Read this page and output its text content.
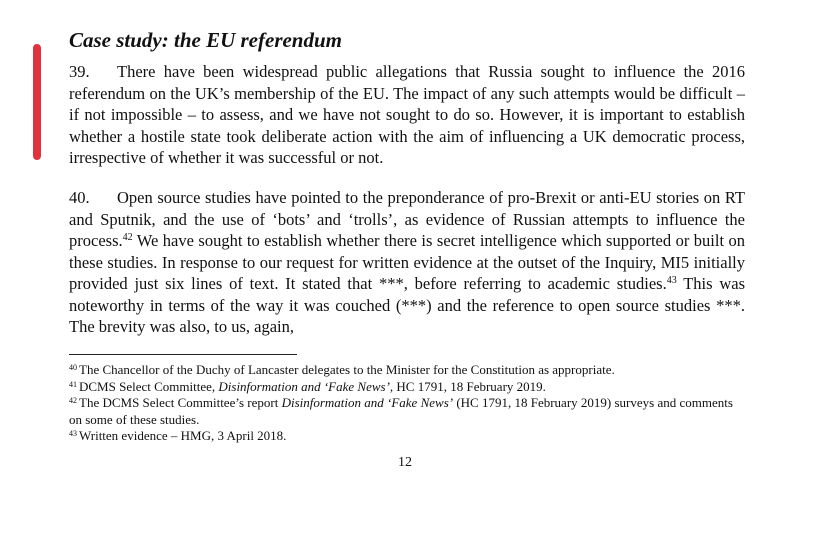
Case study: the EU referendum
39. There have been widespread public allegations that Russia sought to influence the 2016 referendum on the UK’s membership of the EU. The impact of any such attempts would be difficult – if not impossible – to assess, and we have not sought to do so. However, it is important to establish whether a hostile state took deliberate action with the aim of influencing a UK democratic process, irrespective of whether it was successful or not.
40. Open source studies have pointed to the preponderance of pro-Brexit or anti-EU stories on RT and Sputnik, and the use of ‘bots’ and ‘trolls’, as evidence of Russian attempts to influence the process.$^{42}$ We have sought to establish whether there is secret intelligence which supported or built on these studies. In response to our request for written evidence at the outset of the Inquiry, MI5 initially provided just six lines of text. It stated that ***, before referring to academic studies.$^{43}$ This was noteworthy in terms of the way it was couched (***) and the reference to open source studies ***. The brevity was also, to us, again,

$^{40}$ The Chancellor of the Duchy of Lancaster delegates to the Minister for the Constitution as appropriate.

$^{41}$ DCMS Select Committee, Disinformation and ‘Fake News’, HC 1791, 18 February 2019.

$^{42}$ The DCMS Select Committee’s report Disinformation and ‘Fake News’ (HC 1791, 18 February 2019) surveys and comments on some of these studies.

$^{43}$ Written evidence – HMG, 3 April 2018.

12
